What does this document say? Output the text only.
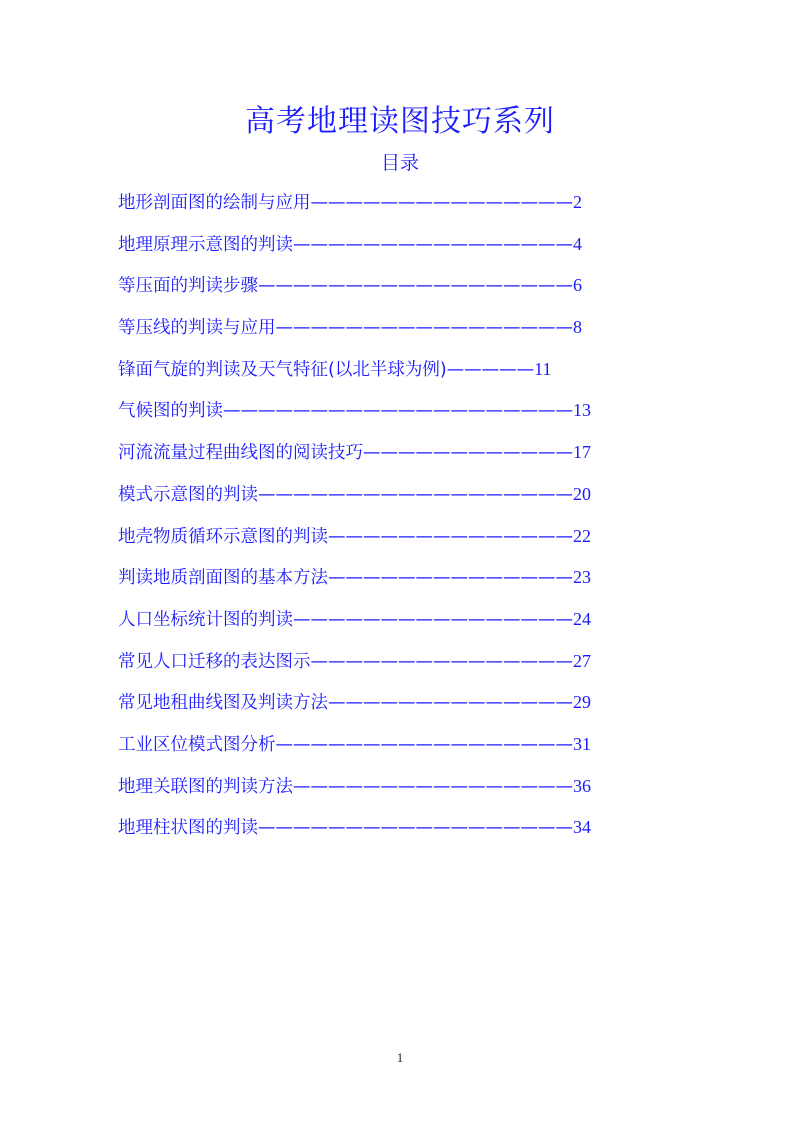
高考地理读图技巧系列
目录
地形剖面图的绘制与应用———————————————2
地理原理示意图的判读————————————————4
等压面的判读步骤——————————————————6
等压线的判读与应用—————————————————8
锋面气旋的判读及天气特征(以北半球为例)—————11
气候图的判读————————————————————13
河流流量过程曲线图的阅读技巧————————————17
模式示意图的判读——————————————————20
地壳物质循环示意图的判读——————————————22
判读地质剖面图的基本方法——————————————23
人口坐标统计图的判读————————————————24
常见人口迁移的表达图示———————————————27
常见地租曲线图及判读方法——————————————29
工业区位模式图分析—————————————————31
地理关联图的判读方法————————————————36
地理柱状图的判读——————————————————34
1
